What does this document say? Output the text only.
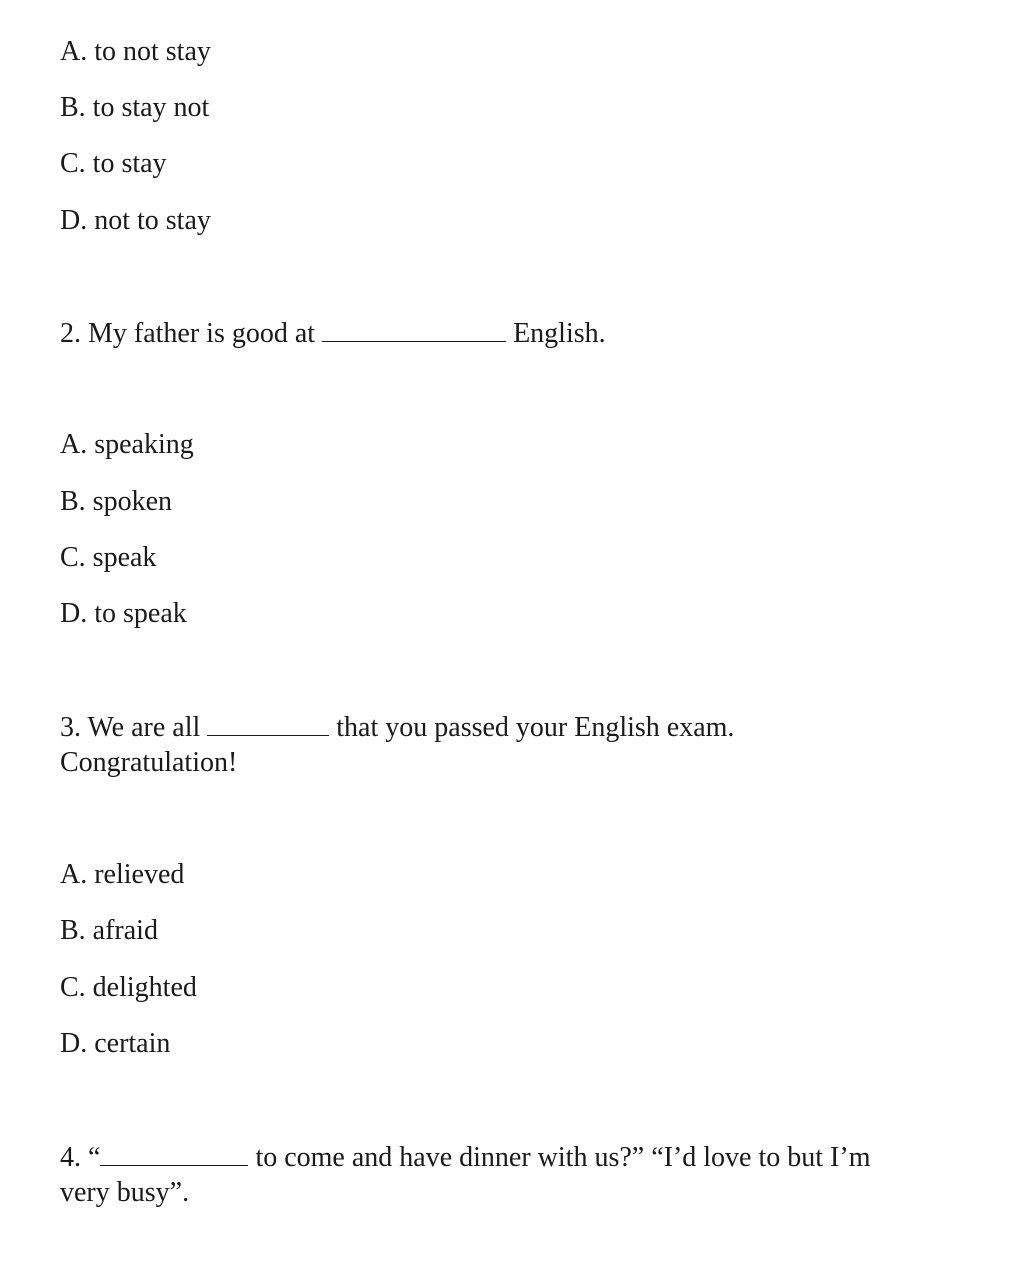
A. to not stay
B. to stay not
C. to stay
D. not to stay
2. My father is good at	English.
A. speaking
B. spoken
C. speak
D. to speak
3. We are all	that you passed your English exam.
Congratulation!
A. relieved
B. afraid
C. delighted
D. certain
4. “	to come and have dinner with us?” “I’d love to but I’m
very busy”.
